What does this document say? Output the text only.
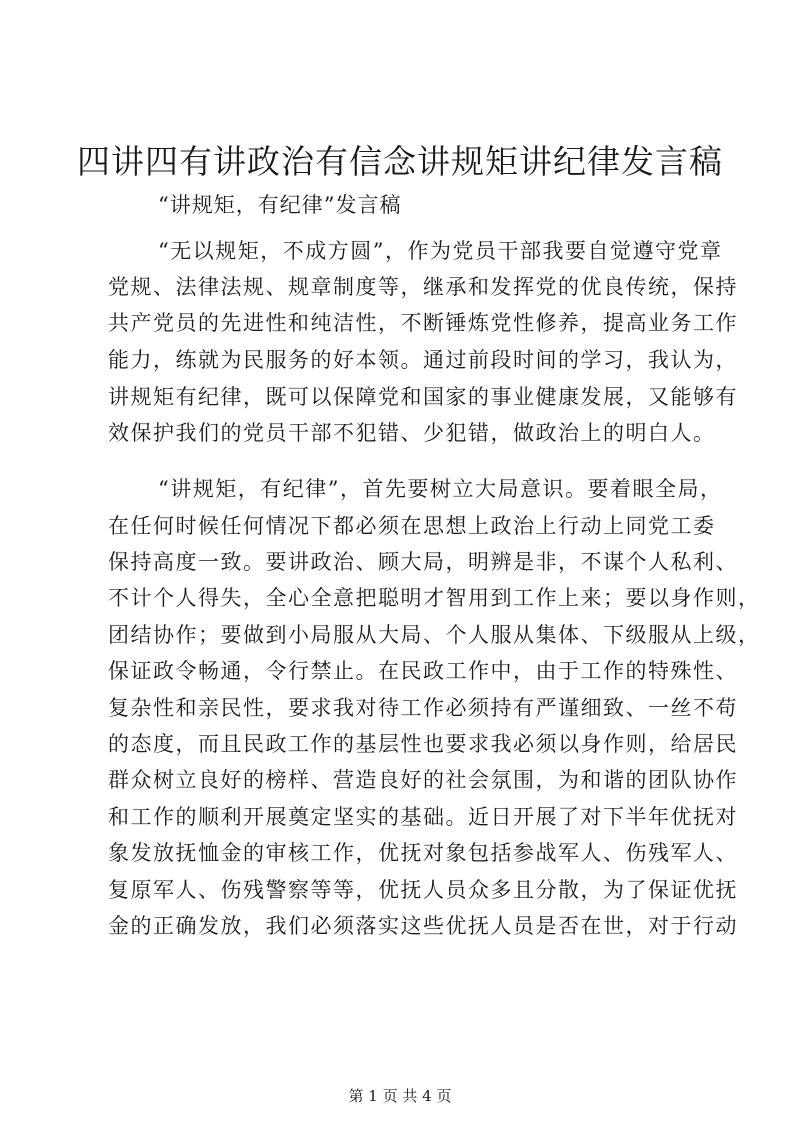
四讲四有讲政治有信念讲规矩讲纪律发言稿
“讲规矩，有纪律”发言稿
“无以规矩，不成方圆”，作为党员干部我要自觉遵守党章
党规、法律法规、规章制度等，继承和发挥党的优良传统，保持
共产党员的先进性和纯洁性，不断锤炼党性修养，提高业务工作
能力，练就为民服务的好本领。通过前段时间的学习，我认为，
讲规矩有纪律，既可以保障党和国家的事业健康发展，又能够有
效保护我们的党员干部不犯错、少犯错，做政治上的明白人。
“讲规矩，有纪律”，首先要树立大局意识。要着眼全局，
在任何时候任何情况下都必须在思想上政治上行动上同党工委
保持高度一致。要讲政治、顾大局，明辨是非，不谋个人私利、
不计个人得失，全心全意把聪明才智用到工作上来；要以身作则，
团结协作；要做到小局服从大局、个人服从集体、下级服从上级，
保证政令畅通，令行禁止。在民政工作中，由于工作的特殊性、
复杂性和亲民性，要求我对待工作必须持有严谨细致、一丝不苟
的态度，而且民政工作的基层性也要求我必须以身作则，给居民
群众树立良好的榜样、营造良好的社会氛围，为和谐的团队协作
和工作的顺利开展奠定坚实的基础。近日开展了对下半年优抚对
象发放抚恤金的审核工作，优抚对象包括参战军人、伤残军人、
复原军人、伤残警察等等，优抚人员众多且分散，为了保证优抚
金的正确发放，我们必须落实这些优抚人员是否在世，对于行动
第 1 页 共 4 页
